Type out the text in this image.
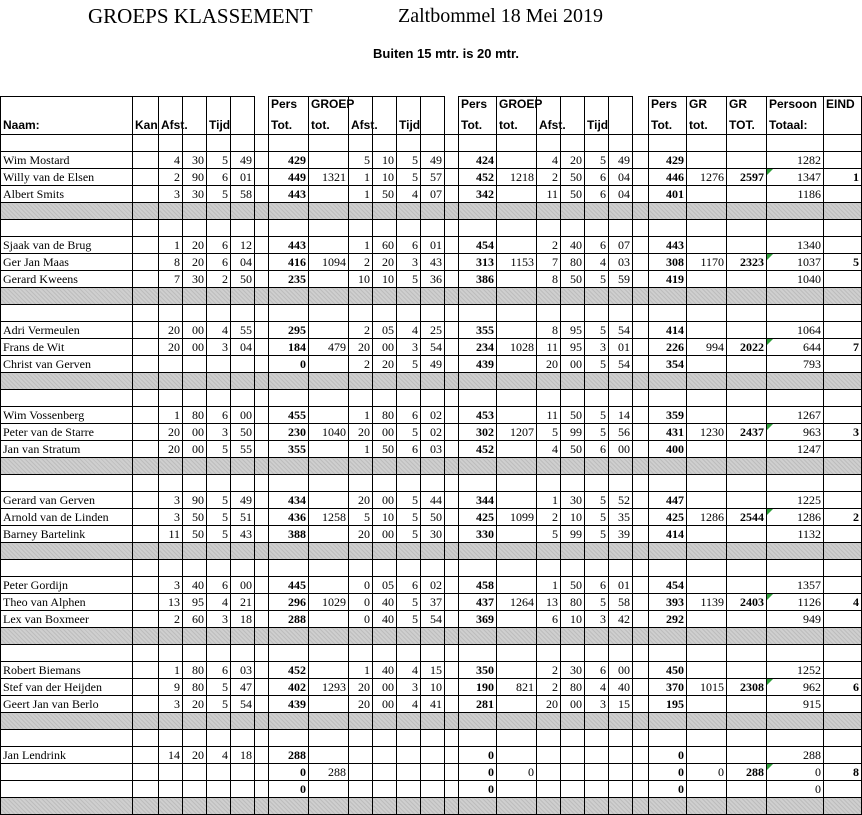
GROEPS KLASSEMENT	Zaltbommel 18 Mei 2019
Buiten 15 mtr. is 20 mtr.
							Pers	GROEP						Pers	GROEP						Pers	GR	GR	Persoon	EIND
Naam:	Kan	Afst.		Tijd			Tot.	tot.	Afst.		Tijd			Tot.	tot.	Afst.		Tijd			Tot.	tot.	TOT.	Totaal:	

Wim Mostard		4	30	5	49		429		5	10	5	49		424		4	20	5	49		429			1282	
Willy van de Elsen		2	90	6	01		449	1321	1	10	5	57		452	1218	2	50	6	04		446	1276	2597	1347	1
Albert Smits		3	30	5	58		443		1	50	4	07		342		11	50	6	04		401			1186	

Sjaak van de Brug		1	20	6	12		443		1	60	6	01		454		2	40	6	07		443			1340	
Ger Jan Maas		8	20	6	04		416	1094	2	20	3	43		313	1153	7	80	4	03		308	1170	2323	1037	5
Gerard Kweens		7	30	2	50		235		10	10	5	36		386		8	50	5	59		419			1040	

Adri Vermeulen		20	00	4	55		295		2	05	4	25		355		8	95	5	54		414			1064	
Frans de Wit		20	00	3	04		184	479	20	00	3	54		234	1028	11	95	3	01		226	994	2022	644	7
Christ van Gerven							0		2	20	5	49		439		20	00	5	54		354			793	

Wim Vossenberg		1	80	6	00		455		1	80	6	02		453		11	50	5	14		359			1267	
Peter van de Starre		20	00	3	50		230	1040	20	00	5	02		302	1207	5	99	5	56		431	1230	2437	963	3
Jan van Stratum		20	00	5	55		355		1	50	6	03		452		4	50	6	00		400			1247	

Gerard van Gerven		3	90	5	49		434		20	00	5	44		344		1	30	5	52		447			1225	
Arnold van de Linden		3	50	5	51		436	1258	5	10	5	50		425	1099	2	10	5	35		425	1286	2544	1286	2
Barney Bartelink		11	50	5	43		388		20	00	5	30		330		5	99	5	39		414			1132	

Peter Gordijn		3	40	6	00		445		0	05	6	02		458		1	50	6	01		454			1357	
Theo van Alphen		13	95	4	21		296	1029	0	40	5	37		437	1264	13	80	5	58		393	1139	2403	1126	4
Lex van Boxmeer		2	60	3	18		288		0	40	5	54		369		6	10	3	42		292			949	

Robert Biemans		1	80	6	03		452		1	40	4	15		350		2	30	6	00		450			1252	
Stef van der Heijden		9	80	5	47		402	1293	20	00	3	10		190	821	2	80	4	40		370	1015	2308	962	6
Geert Jan van Berlo		3	20	5	54		439		20	00	4	41		281		20	00	3	15		195			915	

Jan Lendrink		14	20	4	18		288							0							0			288	
							0	288						0	0						0	0	288	0	8
							0							0							0			0	
